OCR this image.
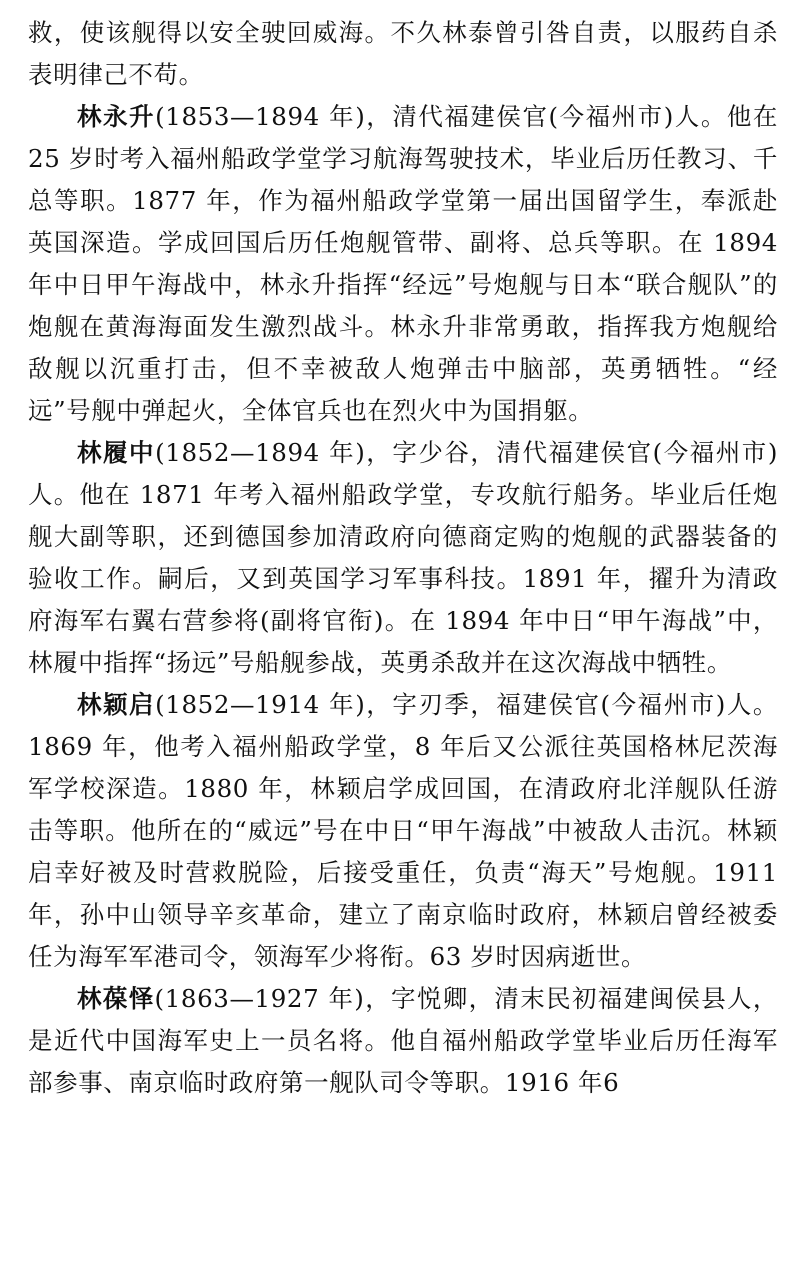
救，使该舰得以安全驶回威海。不久林泰曾引咎自责，以服药自杀表明律己不苟。

林永升(1853—1894 年)，清代福建侯官(今福州市)人。他在 25 岁时考入福州船政学堂学习航海驾驶技术，毕业后历任教习、千总等职。1877 年，作为福州船政学堂第一届出国留学生，奉派赴英国深造。学成回国后历任炮舰管带、副将、总兵等职。在 1894 年中日甲午海战中，林永升指挥“经远”号炮舰与日本“联合舰队”的炮舰在黄海海面发生激烈战斗。林永升非常勇敢，指挥我方炮舰给敌舰以沉重打击，但不幸被敌人炮弹击中脑部，英勇牺牲。“经远”号舰中弹起火，全体官兵也在烈火中为国捐躯。

林履中(1852—1894 年)，字少谷，清代福建侯官(今福州市)人。他在 1871 年考入福州船政学堂，专攻航行船务。毕业后任炮舰大副等职，还到德国参加清政府向德商定购的炮舰的武器装备的验收工作。嗣后，又到英国学习军事科技。1891 年，擢升为清政府海军右翼右营参将(副将官衔)。在 1894 年中日“甲午海战”中，林履中指挥“扬远”号船舰参战，英勇杀敌并在这次海战中牺牲。

林颖启(1852—1914 年)，字刃季，福建侯官(今福州市)人。1869 年，他考入福州船政学堂，8 年后又公派往英国格林尼茨海军学校深造。1880 年，林颖启学成回国，在清政府北洋舰队任游击等职。他所在的“威远”号在中日“甲午海战”中被敌人击沉。林颖启幸好被及时营救脱险，后接受重任，负责“海天”号炮舰。1911 年，孙中山领导辛亥革命，建立了南京临时政府，林颖启曾经被委任为海军军港司令，领海军少将衔。63 岁时因病逝世。

林葆怿(1863—1927 年)，字悦卿，清末民初福建闽侯县人，是近代中国海军史上一员名将。他自福州船政学堂毕业后历任海军部参事、南京临时政府第一舰队司令等职。1916 年6
